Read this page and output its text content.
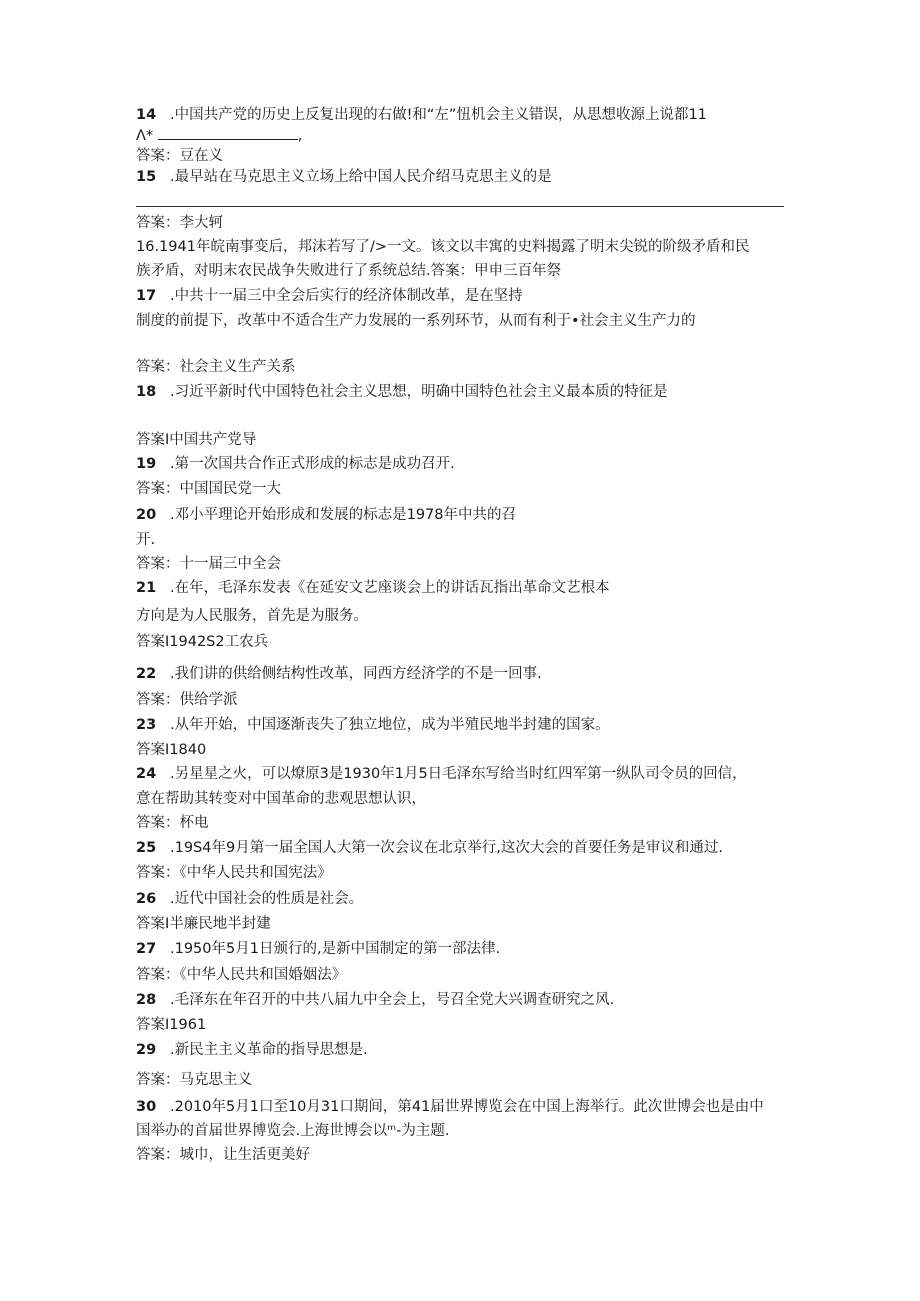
14 .中国共产党的历史上反复出现的右做!和“左”忸机会主义错误，从思想收源上说都11
Λ*	,
答案：豆在义
15 .最早站在马克思主义立场上给中国人民介绍马克思主义的是
答案：李大轲
16.1941年皖南事变后，邦沫若写了/>一文。该文以丰寓的史料揭露了明末尖锐的阶级矛盾和民
族矛盾，对明末农民战争失败进行了系统总结.答案：甲申三百年祭
17 .中共十一届三中全会后实行的经济体制改革，是在坚持
制度的前提下，改革中不适合生产力发展的一系列环节，从而有利于•社会主义生产力的
答案：社会主义生产关系
18 .习近平新时代中国特色社会主义思想，明确中国特色社会主义最本质的特征是
答案I中国共产党导
19 .第一次国共合作正式形成的标志是成功召开.
答案：中国国民党一大
20 .邓小平理论开始形成和发展的标志是1978年中共的召
开.
答案：十一届三中全会
21 .在年，毛泽东发表《在延安文艺座谈会上的讲话瓦指出革命文艺根本
方向是为人民服务，首先是为服务。
答案I1942S2工农兵
22 .我们讲的供给侧结构性改革，同西方经济学的不是一回事.
答案：供给学派
23 .从年开始，中国逐渐丧失了独立地位，成为半殖民地半封建的国家。
答案I1840
24 .另星星之火，可以燎原3是1930年1月5日毛泽东写给当时红四军第一纵队司令员的回信，
意在帮助其转变对中国革命的悲观思想认识，
答案：杯电
25 .19S4年9月第一届全国人大第一次会议在北京举行,这次大会的首要任务是审议和通过.
答案：《中华人民共和国宪法》
26 .近代中国社会的性质是社会。
答案I半廉民地半封建
27 .1950年5月1日颁行的,是新中国制定的第一部法律.
答案：《中华人民共和国婚姻法》
28 .毛泽东在年召开的中共八届九中全会上，号召全党大兴调查研究之风.
答案I1961
29 .新民主主义革命的指导思想是.
答案：马克思主义
30 .2010年5月1口至10月31口期间，第41届世界博览会在中国上海举行。此次世博会也是由中
国举办的首届世界博览会.上海世博会以ᵐ-为主题.
答案：城巾，让生活更美好
